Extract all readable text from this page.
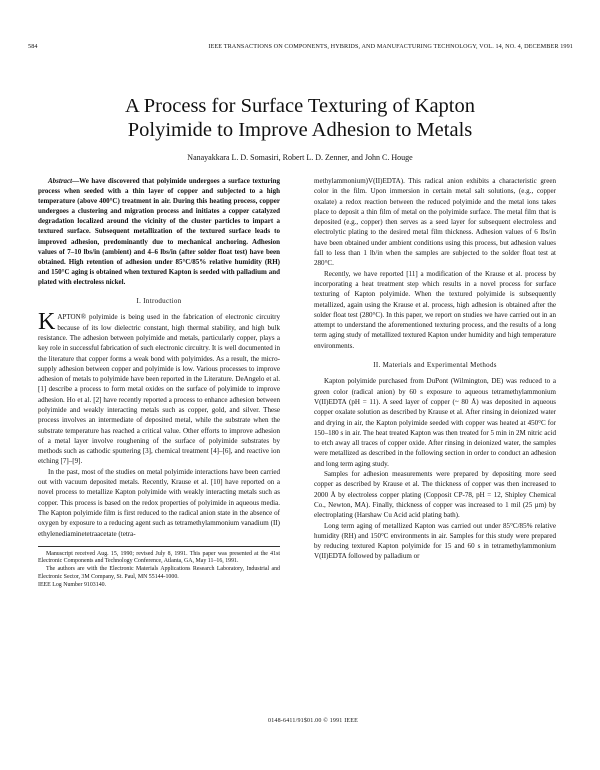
584	IEEE TRANSACTIONS ON COMPONENTS, HYBRIDS, AND MANUFACTURING TECHNOLOGY, VOL. 14, NO. 4, DECEMBER 1991
A Process for Surface Texturing of Kapton
Polyimide to Improve Adhesion to Metals
Nanayakkara L. D. Somasiri, Robert L. D. Zenner, and John C. Houge

Abstract—We have discovered that polyimide undergoes a surface texturing process when seeded with a thin layer of copper and subjected to a high temperature (above 400°C) treatment in air. During this heating process, copper undergoes a clustering and migration process and initiates a copper catalyzed degradation localized around the vicinity of the cluster particles to impart a textured surface. Subsequent metallization of the textured surface leads to improved adhesion, predominantly due to mechanical anchoring. Adhesion values of 7–10 lbs/in (ambient) and 4–6 lbs/in (after solder float test) have been obtained. High retention of adhesion under 85°C/85% relative humidity (RH) and 150°C aging is obtained when textured Kapton is seeded with palladium and plated with electroless nickel.

I. Introduction

KAPTON® polyimide is being used in the fabrication of electronic circuitry because of its low dielectric constant, high thermal stability, and high bulk resistance. The adhesion between polyimide and metals, particularly copper, plays a key role in successful fabrication of such electronic circuitry. It is well documented in the literature that copper forms a weak bond with polyimides. As a result, the micro-supply adhesion between copper and polyimide is low. Various processes to improve adhesion of metals to polyimide have been reported in the Literature. DeAngelo et al. [1] describe a process to form metal oxides on the surface of polyimide to improve adhesion. Ho et al. [2] have recently reported a process to enhance adhesion between polyimide and weakly interacting metals such as copper, gold, and silver. These process involves an intermediate of deposited metal, while the substrate when the substrate temperature has reached a critical value. Other efforts to improve adhesion of a metal layer involve roughening of the surface of polyimide substrates by methods such as cathodic sputtering [3], chemical treatment [4]–[6], and reactive ion etching [7]–[9].

In the past, most of the studies on metal polyimide interactions have been carried out with vacuum deposited metals. Recently, Krause et al. [10] have reported on a novel process to metallize Kapton polyimide with weakly interacting metals such as copper. This process is based on the redox properties of polyimide in aqueous media. The Kapton polyimide film is first reduced to the radical anion state in the absence of oxygen by exposure to a reducing agent such as tetramethylammonium vanadium (II) ethylenediaminetetraacetate (tetra-

Manuscript received Aug. 15, 1990; revised July 8, 1991. This paper was presented at the 41st Electronic Components and Technology Conference, Atlanta, GA, May 11–16, 1991.

The authors are with the Electronic Materials Applications Research Laboratory, Industrial and Electronic Sector, 3M Company, St. Paul, MN 55144-1000.

IEEE Log Number 9103140.

methylammonium)V(II)EDTA). This radical anion exhibits a characteristic green color in the film. Upon immersion in certain metal salt solutions, (e.g., copper oxalate) a redox reaction between the reduced polyimide and the metal ions takes place to deposit a thin film of metal on the polyimide surface. The metal film that is deposited (e.g., copper) then serves as a seed layer for subsequent electroless and electrolytic plating to the desired metal film thickness. Adhesion values of 6 lbs/in have been obtained under ambient conditions using this process, but adhesion values fall to less than 1 lb/in when the samples are subjected to the solder float test at 280°C.

Recently, we have reported [11] a modification of the Krause et al. process by incorporating a heat treatment step which results in a novel process for surface texturing of Kapton polyimide. When the textured polyimide is subsequently metallized, again using the Krause et al. process, high adhesion is obtained after the solder float test (280°C). In this paper, we report on studies we have carried out in an attempt to understand the aforementioned texturing process, and the results of a long term aging study of metallized textured Kapton under humidity and high temperature environments.

II. Materials and Experimental Methods

Kapton polyimide purchased from DuPont (Wilmington, DE) was reduced to a green color (radical anion) by 60 s exposure to aqueous tetramethylammonium V(II)EDTA (pH = 11). A seed layer of copper (~ 80 Å) was deposited in aqueous copper oxalate solution as described by Krause et al. After rinsing in deionized water and drying in air, the Kapton polyimide seeded with copper was heated at 450°C for 150–180 s in air. The heat treated Kapton was then treated for 5 min in 2M nitric acid to etch away all traces of copper oxide. After rinsing in deionized water, the samples were metallized as described in the following section in order to conduct an adhesion and long term aging study.

Samples for adhesion measurements were prepared by depositing more seed copper as described by Krause et al. The thickness of copper was then increased to 2000 Å by electroless copper plating (Copposit CP-78, pH = 12, Shipley Chemical Co., Newton, MA). Finally, thickness of copper was increased to 1 mil (25 µm) by electroplating (Harshaw Cu Acid acid plating bath).

Long term aging of metallized Kapton was carried out under 85°C/85% relative humidity (RH) and 150°C environments in air. Samples for this study were prepared by reducing textured Kapton polyimide for 15 and 60 s in tetramethylammonium V(II)EDTA followed by palladium or

0148-6411/91$01.00 © 1991 IEEE
